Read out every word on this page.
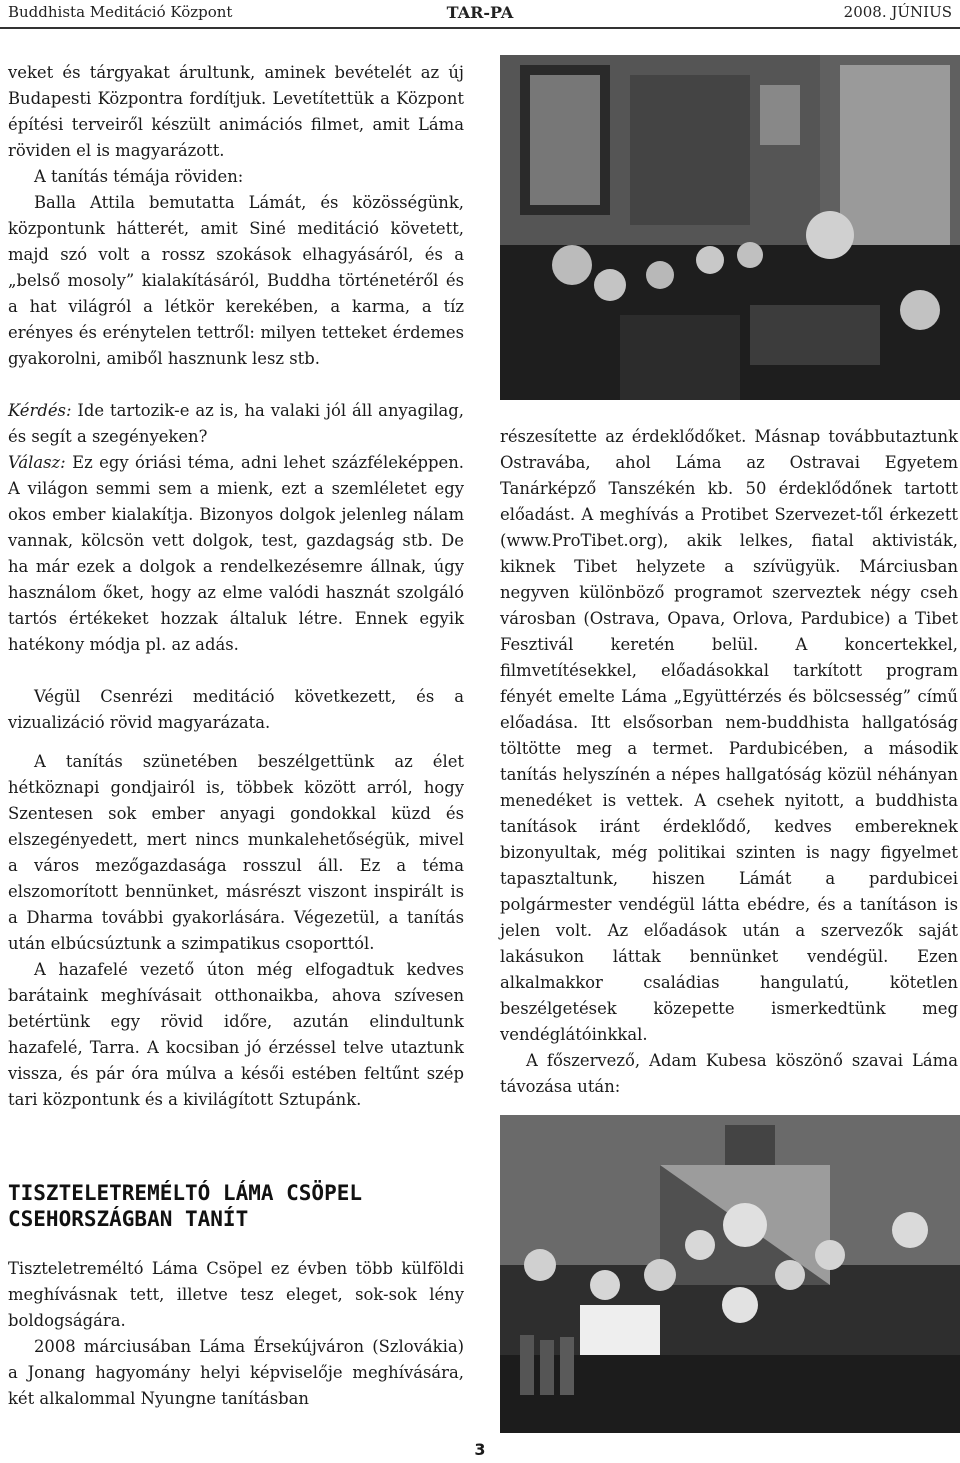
Buddhista Meditáció Központ	TAR-PA	2008. JÚNIUS

veket és tárgyakat árultunk, aminek bevételét az új Budapesti Központra fordítjuk. Levetítettük a Központ építési terveiről készült animációs filmet, amit Láma röviden el is magyarázott.

A tanítás témája röviden:

Balla Attila bemutatta Lámát, és közösségünk, központunk hátterét, amit Siné meditáció követett, majd szó volt a rossz szokások elhagyásáról, és a „belső mosoly” kialakításáról, Buddha történetéről és a hat világról a létkör kerekében, a karma, a tíz erényes és erénytelen tettről: milyen tetteket érdemes gyakorolni, amiből hasznunk lesz stb.

Kérdés: Ide tartozik-e az is, ha valaki jól áll anyagilag, és segít a szegényeken?

Válasz: Ez egy óriási téma, adni lehet százféleképpen. A világon semmi sem a mienk, ezt a szemléletet egy okos ember kialakítja. Bizonyos dolgok jelenleg nálam vannak, kölcsön vett dolgok, test, gazdagság stb. De ha már ezek a dolgok a rendelkezésemre állnak, úgy használom őket, hogy az elme valódi hasznát szolgáló tartós értékeket hozzak általuk létre. Ennek egyik hatékony módja pl. az adás.

Végül Csenrézi meditáció következett, és a vizualizáció rövid magyarázata.

A tanítás szünetében beszélgettünk az élet hétköznapi gondjairól is, többek között arról, hogy Szentesen sok ember anyagi gondokkal küzd és elszegényedett, mert nincs munkalehetőségük, mivel a város mezőgazdasága rosszul áll. Ez a téma elszomorított bennünket, másrészt viszont inspirált is a Dharma további gyakorlására. Végezetül, a tanítás után elbúcsúztunk a szimpatikus csoporttól.

A hazafelé vezető úton még elfogadtuk kedves barátaink meghívásait otthonaikba, ahova szívesen betértünk egy rövid időre, azután elindultunk hazafelé, Tarra. A kocsiban jó érzéssel telve utaztunk vissza, és pár óra múlva a késői estében feltűnt szép tari központunk és a kivilágított Sztupánk.

részesítette az érdeklődőket. Másnap továbbutaztunk Ostravába, ahol Láma az Ostravai Egyetem Tanárképző Tanszékén kb. 50 érdeklődőnek tartott előadást. A meghívás a Protibet Szervezet-től érkezett (www.ProTibet.org), akik lelkes, fiatal aktivisták, kiknek Tibet helyzete a szívügyük. Márciusban negyven különböző programot szerveztek négy cseh városban (Ostrava, Opava, Orlova, Pardubice) a Tibet Fesztivál keretén belül. A koncertekkel, filmvetítésekkel, előadásokkal tarkított program fényét emelte Láma „Együttérzés és bölcsesség” című előadása. Itt elsősorban nem-buddhista hallgatóság töltötte meg a termet. Pardubicében, a második tanítás helyszínén a népes hallgatóság közül néhányan menedéket is vettek. A csehek nyitott, a buddhista tanítások iránt érdeklődő, kedves embereknek bizonyultak, még politikai szinten is nagy figyelmet tapasztaltunk, hiszen Lámát a pardubicei polgármester vendégül látta ebédre, és a tanításon is jelen volt. Az előadások után a szervezők saját lakásukon láttak bennünket vendégül. Ezen alkalmakkor családias hangulatú, kötetlen beszélgetések közepette ismerkedtünk meg vendéglátóinkkal.

A főszervező, Adam Kubesa köszönő szavai Láma távozása után:

TISZTELETREMÉLTÓ LÁMA CSÖPEL
CSEHORSZÁGBAN TANÍT

Tiszteletreméltó Láma Csöpel ez évben több külföldi meghívásnak tett, illetve tesz eleget, sok-sok lény boldogságára.

2008 márciusában Láma Érsekújváron (Szlovákia) a Jonang hagyomány helyi képviselője meghívására, két alkalommal Nyungne tanításban

3
